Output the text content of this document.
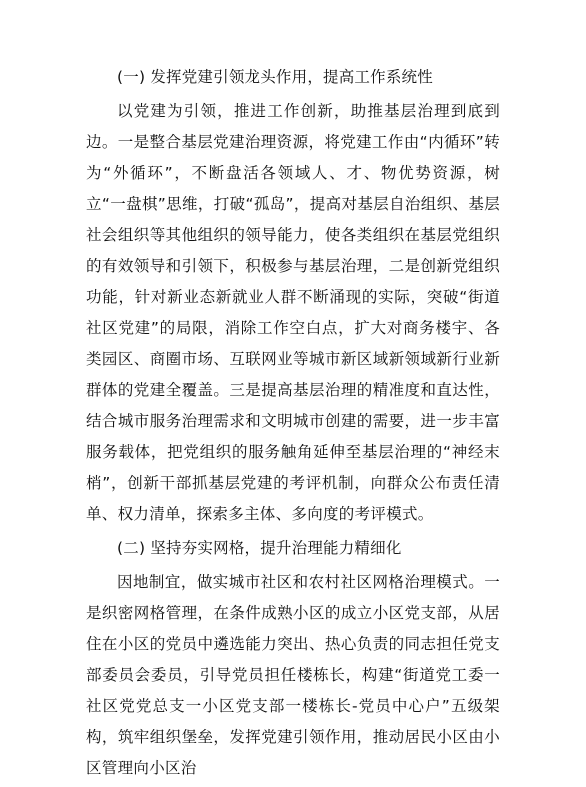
(一) 发挥党建引领龙头作用，提高工作系统性
以党建为引领，推进工作创新，助推基层治理到底到边。一是整合基层党建治理资源，将党建工作由“内循环”转为“外循环”，不断盘活各领域人、才、物优势资源，树立“一盘棋”思维，打破“孤岛”，提高对基层自治组织、基层社会组织等其他组织的领导能力，使各类组织在基层党组织的有效领导和引领下，积极参与基层治理，二是创新党组织功能，针对新业态新就业人群不断涌现的实际，突破“街道社区党建”的局限，消除工作空白点，扩大对商务楼宇、各类园区、商圈市场、互联网业等城市新区域新领域新行业新群体的党建全覆盖。三是提高基层治理的精准度和直达性，结合城市服务治理需求和文明城市创建的需要，进一步丰富服务载体，把党组织的服务触角延伸至基层治理的“神经末梢”，创新干部抓基层党建的考评机制，向群众公布责任清单、权力清单，探索多主体、多向度的考评模式。
(二) 坚持夯实网格，提升治理能力精细化
因地制宜，做实城市社区和农村社区网格治理模式。一是织密网格管理，在条件成熟小区的成立小区党支部，从居住在小区的党员中遴选能力突出、热心负责的同志担任党支部委员会委员，引导党员担任楼栋长，构建“街道党工委一社区党党总支一小区党支部一楼栋长-党员中心户”五级架构，筑牢组织堡垒，发挥党建引领作用，推动居民小区由小区管理向小区治
